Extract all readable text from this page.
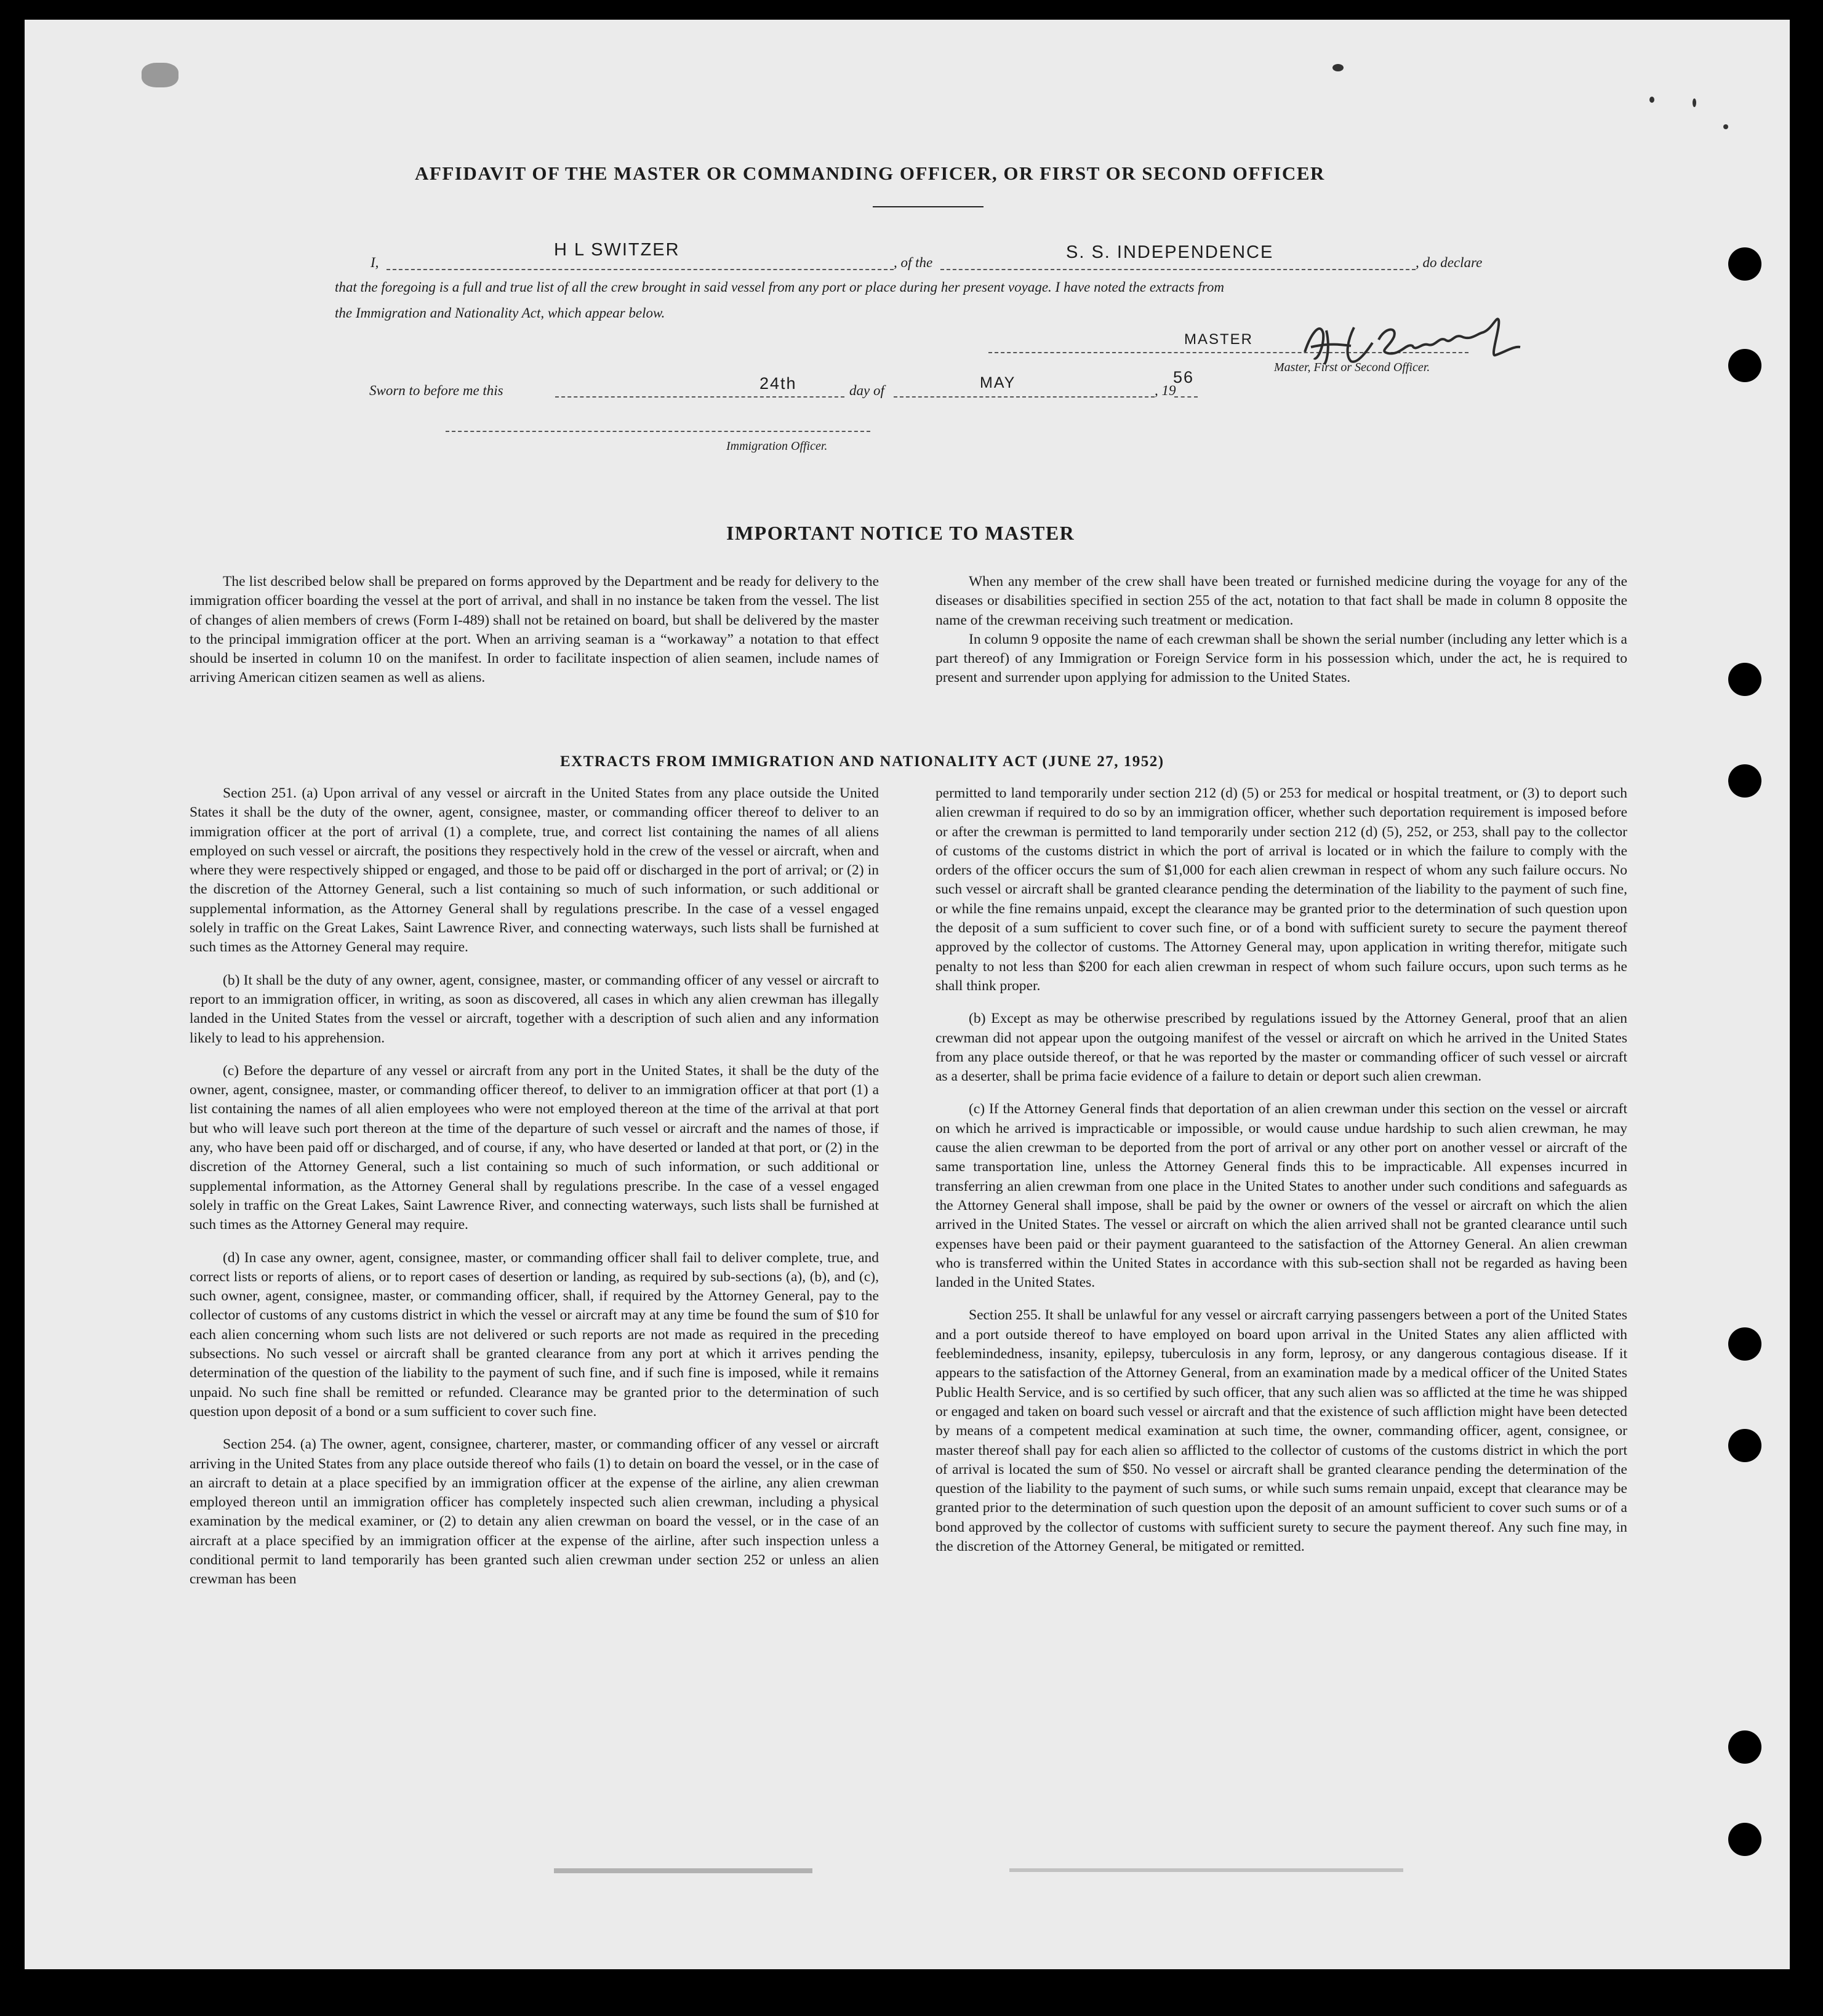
AFFIDAVIT OF THE MASTER OR COMMANDING OFFICER, OR FIRST OR SECOND OFFICER
I,
H L SWITZER
, of the
S. S. INDEPENDENCE
, do declare
that the foregoing is a full and true list of all the crew brought in said vessel from any port or place during her present voyage. I have noted the extracts from
the Immigration and Nationality Act, which appear below.
MASTER
Master, First or Second Officer.
Sworn to before me this	24th	day of	MAY	, 19
56
Immigration Officer.
IMPORTANT NOTICE TO MASTER

The list described below shall be prepared on forms approved by the Department and be ready for delivery to the immigration officer boarding the vessel at the port of arrival, and shall in no instance be taken from the vessel. The list of changes of alien members of crews (Form I-489) shall not be retained on board, but shall be delivered by the master to the principal immigration officer at the port. When an arriving seaman is a “workaway” a notation to that effect should be inserted in column 10 on the manifest. In order to facilitate inspection of alien seamen, include names of arriving American citizen seamen as well as aliens.

When any member of the crew shall have been treated or furnished medicine during the voyage for any of the diseases or disabilities specified in section 255 of the act, notation to that fact shall be made in column 8 opposite the name of the crewman receiving such treatment or medication.

In column 9 opposite the name of each crewman shall be shown the serial number (including any letter which is a part thereof) of any Immigration or Foreign Service form in his possession which, under the act, he is required to present and surrender upon applying for admission to the United States.

EXTRACTS FROM IMMIGRATION AND NATIONALITY ACT (JUNE 27, 1952)

Section 251. (a) Upon arrival of any vessel or aircraft in the United States from any place outside the United States it shall be the duty of the owner, agent, consignee, master, or commanding officer thereof to deliver to an immigration officer at the port of arrival (1) a complete, true, and correct list containing the names of all aliens employed on such vessel or aircraft, the positions they respectively hold in the crew of the vessel or aircraft, when and where they were respectively shipped or engaged, and those to be paid off or discharged in the port of arrival; or (2) in the discretion of the Attorney General, such a list containing so much of such information, or such additional or supplemental information, as the Attorney General shall by regulations prescribe. In the case of a vessel engaged solely in traffic on the Great Lakes, Saint Lawrence River, and connecting waterways, such lists shall be furnished at such times as the Attorney General may require.

(b) It shall be the duty of any owner, agent, consignee, master, or commanding officer of any vessel or aircraft to report to an immigration officer, in writing, as soon as discovered, all cases in which any alien crewman has illegally landed in the United States from the vessel or aircraft, together with a description of such alien and any information likely to lead to his apprehension.

(c) Before the departure of any vessel or aircraft from any port in the United States, it shall be the duty of the owner, agent, consignee, master, or commanding officer thereof, to deliver to an immigration officer at that port (1) a list containing the names of all alien employees who were not employed thereon at the time of the arrival at that port but who will leave such port thereon at the time of the departure of such vessel or aircraft and the names of those, if any, who have been paid off or discharged, and of course, if any, who have deserted or landed at that port, or (2) in the discretion of the Attorney General, such a list containing so much of such information, or such additional or supplemental information, as the Attorney General shall by regulations prescribe. In the case of a vessel engaged solely in traffic on the Great Lakes, Saint Lawrence River, and connecting waterways, such lists shall be furnished at such times as the Attorney General may require.

(d) In case any owner, agent, consignee, master, or commanding officer shall fail to deliver complete, true, and correct lists or reports of aliens, or to report cases of desertion or landing, as required by sub-sections (a), (b), and (c), such owner, agent, consignee, master, or commanding officer, shall, if required by the Attorney General, pay to the collector of customs of any customs district in which the vessel or aircraft may at any time be found the sum of $10 for each alien concerning whom such lists are not delivered or such reports are not made as required in the preceding subsections. No such vessel or aircraft shall be granted clearance from any port at which it arrives pending the determination of the question of the liability to the payment of such fine, and if such fine is imposed, while it remains unpaid. No such fine shall be remitted or refunded. Clearance may be granted prior to the determination of such question upon deposit of a bond or a sum sufficient to cover such fine.

Section 254. (a) The owner, agent, consignee, charterer, master, or commanding officer of any vessel or aircraft arriving in the United States from any place outside thereof who fails (1) to detain on board the vessel, or in the case of an aircraft to detain at a place specified by an immigration officer at the expense of the airline, any alien crewman employed thereon until an immigration officer has completely inspected such alien crewman, including a physical examination by the medical examiner, or (2) to detain any alien crewman on board the vessel, or in the case of an aircraft at a place specified by an immigration officer at the expense of the airline, after such inspection unless a conditional permit to land temporarily has been granted such alien crewman under section 252 or unless an alien crewman has been

permitted to land temporarily under section 212 (d) (5) or 253 for medical or hospital treatment, or (3) to deport such alien crewman if required to do so by an immigration officer, whether such deportation requirement is imposed before or after the crewman is permitted to land temporarily under section 212 (d) (5), 252, or 253, shall pay to the collector of customs of the customs district in which the port of arrival is located or in which the failure to comply with the orders of the officer occurs the sum of $1,000 for each alien crewman in respect of whom any such failure occurs. No such vessel or aircraft shall be granted clearance pending the determination of the liability to the payment of such fine, or while the fine remains unpaid, except the clearance may be granted prior to the determination of such question upon the deposit of a sum sufficient to cover such fine, or of a bond with sufficient surety to secure the payment thereof approved by the collector of customs. The Attorney General may, upon application in writing therefor, mitigate such penalty to not less than $200 for each alien crewman in respect of whom such failure occurs, upon such terms as he shall think proper.

(b) Except as may be otherwise prescribed by regulations issued by the Attorney General, proof that an alien crewman did not appear upon the outgoing manifest of the vessel or aircraft on which he arrived in the United States from any place outside thereof, or that he was reported by the master or commanding officer of such vessel or aircraft as a deserter, shall be prima facie evidence of a failure to detain or deport such alien crewman.

(c) If the Attorney General finds that deportation of an alien crewman under this section on the vessel or aircraft on which he arrived is impracticable or impossible, or would cause undue hardship to such alien crewman, he may cause the alien crewman to be deported from the port of arrival or any other port on another vessel or aircraft of the same transportation line, unless the Attorney General finds this to be impracticable. All expenses incurred in transferring an alien crewman from one place in the United States to another under such conditions and safeguards as the Attorney General shall impose, shall be paid by the owner or owners of the vessel or aircraft on which the alien arrived in the United States. The vessel or aircraft on which the alien arrived shall not be granted clearance until such expenses have been paid or their payment guaranteed to the satisfaction of the Attorney General. An alien crewman who is transferred within the United States in accordance with this sub-section shall not be regarded as having been landed in the United States.

Section 255. It shall be unlawful for any vessel or aircraft carrying passengers between a port of the United States and a port outside thereof to have employed on board upon arrival in the United States any alien afflicted with feeblemindedness, insanity, epilepsy, tuberculosis in any form, leprosy, or any dangerous contagious disease. If it appears to the satisfaction of the Attorney General, from an examination made by a medical officer of the United States Public Health Service, and is so certified by such officer, that any such alien was so afflicted at the time he was shipped or engaged and taken on board such vessel or aircraft and that the existence of such affliction might have been detected by means of a competent medical examination at such time, the owner, commanding officer, agent, consignee, or master thereof shall pay for each alien so afflicted to the collector of customs of the customs district in which the port of arrival is located the sum of $50. No vessel or aircraft shall be granted clearance pending the determination of the question of the liability to the payment of such sums, or while such sums remain unpaid, except that clearance may be granted prior to the determination of such question upon the deposit of an amount sufficient to cover such sums or of a bond approved by the collector of customs with sufficient surety to secure the payment thereof. Any such fine may, in the discretion of the Attorney General, be mitigated or remitted.
